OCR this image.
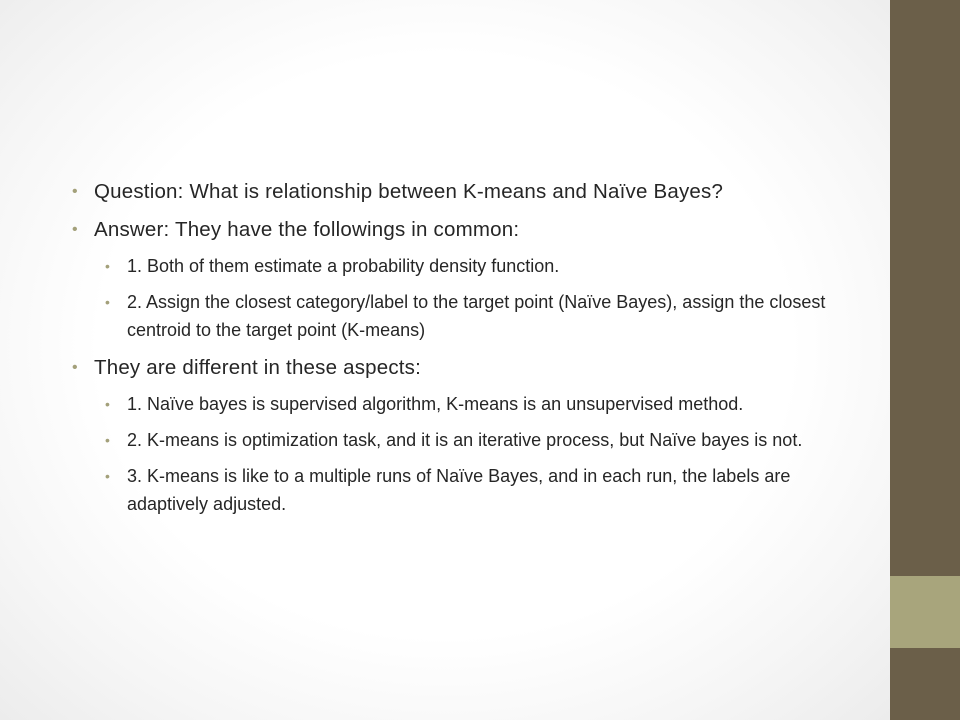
• Question: What is relationship between K-means and Naïve Bayes?
• Answer: They have the followings in common:
• 1. Both of them estimate a probability density function.
• 2. Assign the closest category/label to the target point (Naïve Bayes), assign the closest centroid to the target point (K-means)
• They are different in these aspects:
• 1. Naïve bayes is supervised algorithm, K-means is an unsupervised method.
• 2. K-means is optimization task, and it is an iterative process, but Naïve bayes is not.
• 3. K-means is like to a multiple runs of Naïve Bayes, and in each run, the labels are adaptively adjusted.
